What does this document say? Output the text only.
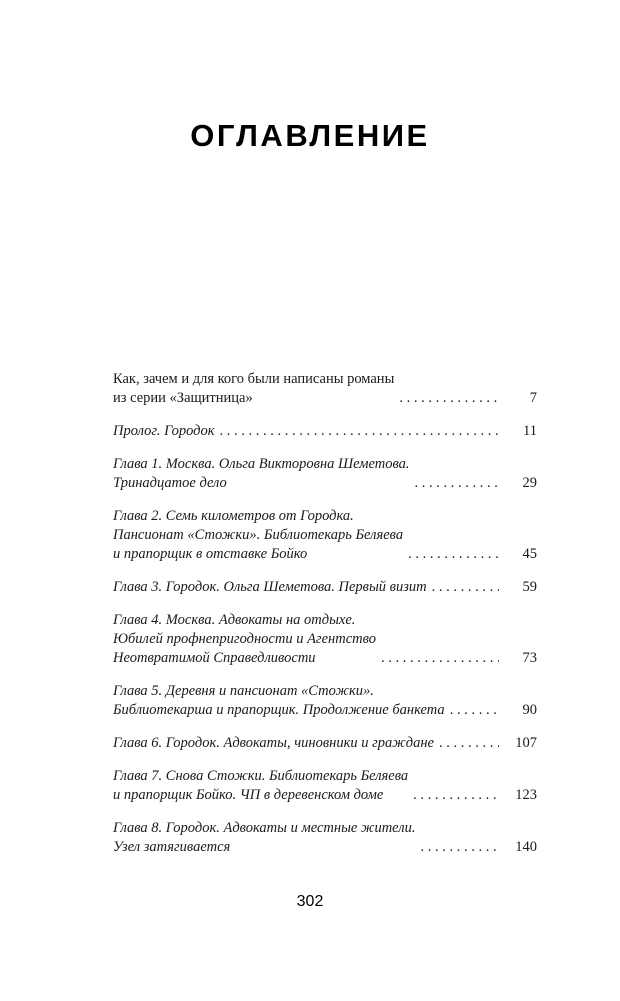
ОГЛАВЛЕНИЕ
Как, зачем и для кого были написаны романы
из серии «Защитница» . . .	7
Пролог. Городок . . .	11
Глава 1. Москва. Ольга Викторовна Шеметова.
Тринадцатое дело . . .	29
Глава 2. Семь километров от Городка.
Пансионат «Стожки». Библиотекарь Беляева
и прапорщик в отставке Бойко . . .	45
Глава 3. Городок. Ольга Шеметова. Первый визит . . .	59
Глава 4. Москва. Адвокаты на отдыхе.
Юбилей профнепригодности и Агентство
Неотвратимой Справедливости . . .	73
Глава 5. Деревня и пансионат «Стожки».
Библиотекарша и прапорщик. Продолжение банкета . . .	90
Глава 6. Городок. Адвокаты, чиновники и граждане . . .	107
Глава 7. Снова Стожки. Библиотекарь Беляева
и прапорщик Бойко. ЧП в деревенском доме . . .	123
Глава 8. Городок. Адвокаты и местные жители.
Узел затягивается . . .	140
302
